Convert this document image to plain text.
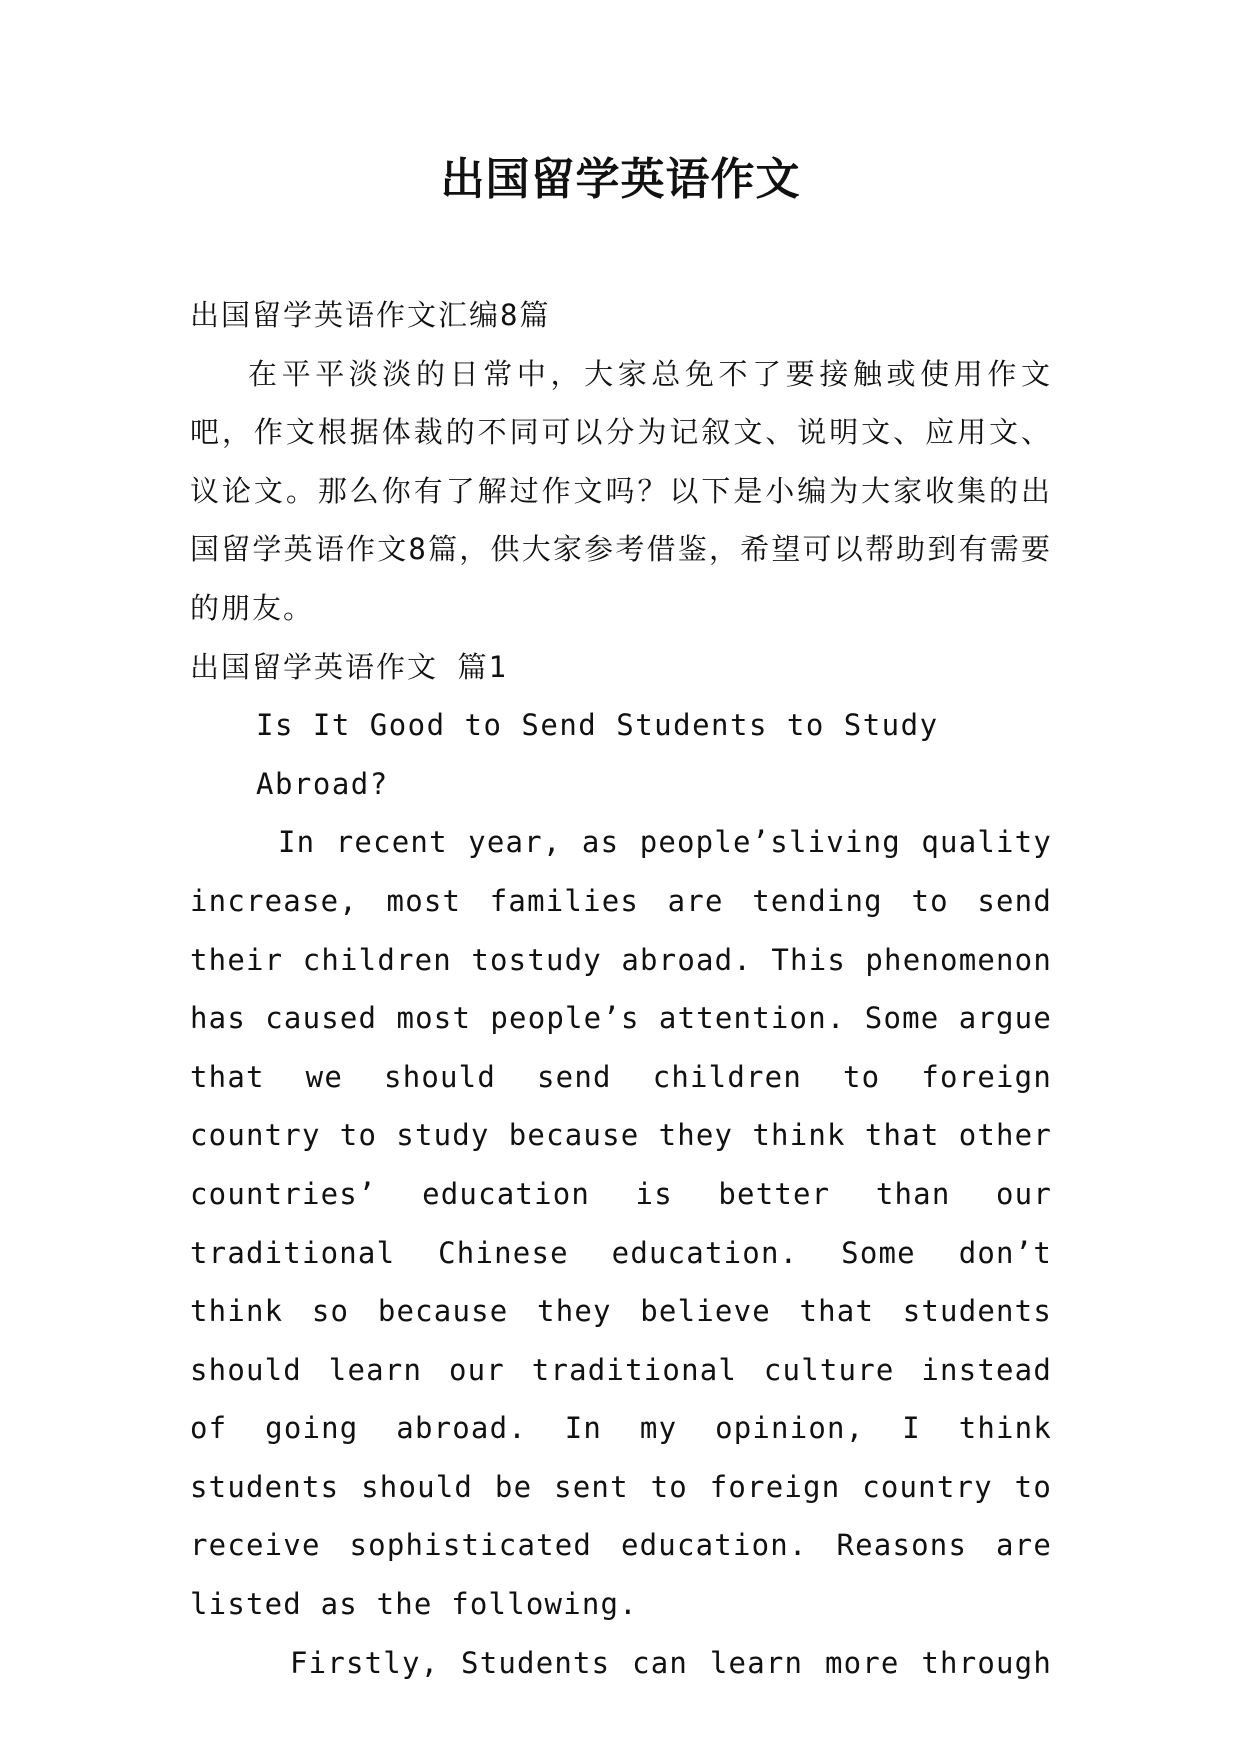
出国留学英语作文

出国留学英语作文汇编8篇

在平平淡淡的日常中，大家总免不了要接触或使用作文吧，作文根据体裁的不同可以分为记叙文、说明文、应用文、议论文。那么你有了解过作文吗？以下是小编为大家收集的出国留学英语作文8篇，供大家参考借鉴，希望可以帮助到有需要的朋友。

出国留学英语作文 篇1

Is It Good to Send Students to Study Abroad?

In recent year, as people’sliving quality increase, most families are tending to send their children tostudy abroad. This phenomenon has caused most people’s attention. Some argue that we should send children to foreign country to study because they think that other countries’ education is better than our traditional Chinese education. Some don’t think so because they believe that students should learn our traditional culture instead of going abroad. In my opinion, I think students should be sent to foreign country to receive sophisticated education. Reasons are listed as the following.

Firstly, Students can learn more through
